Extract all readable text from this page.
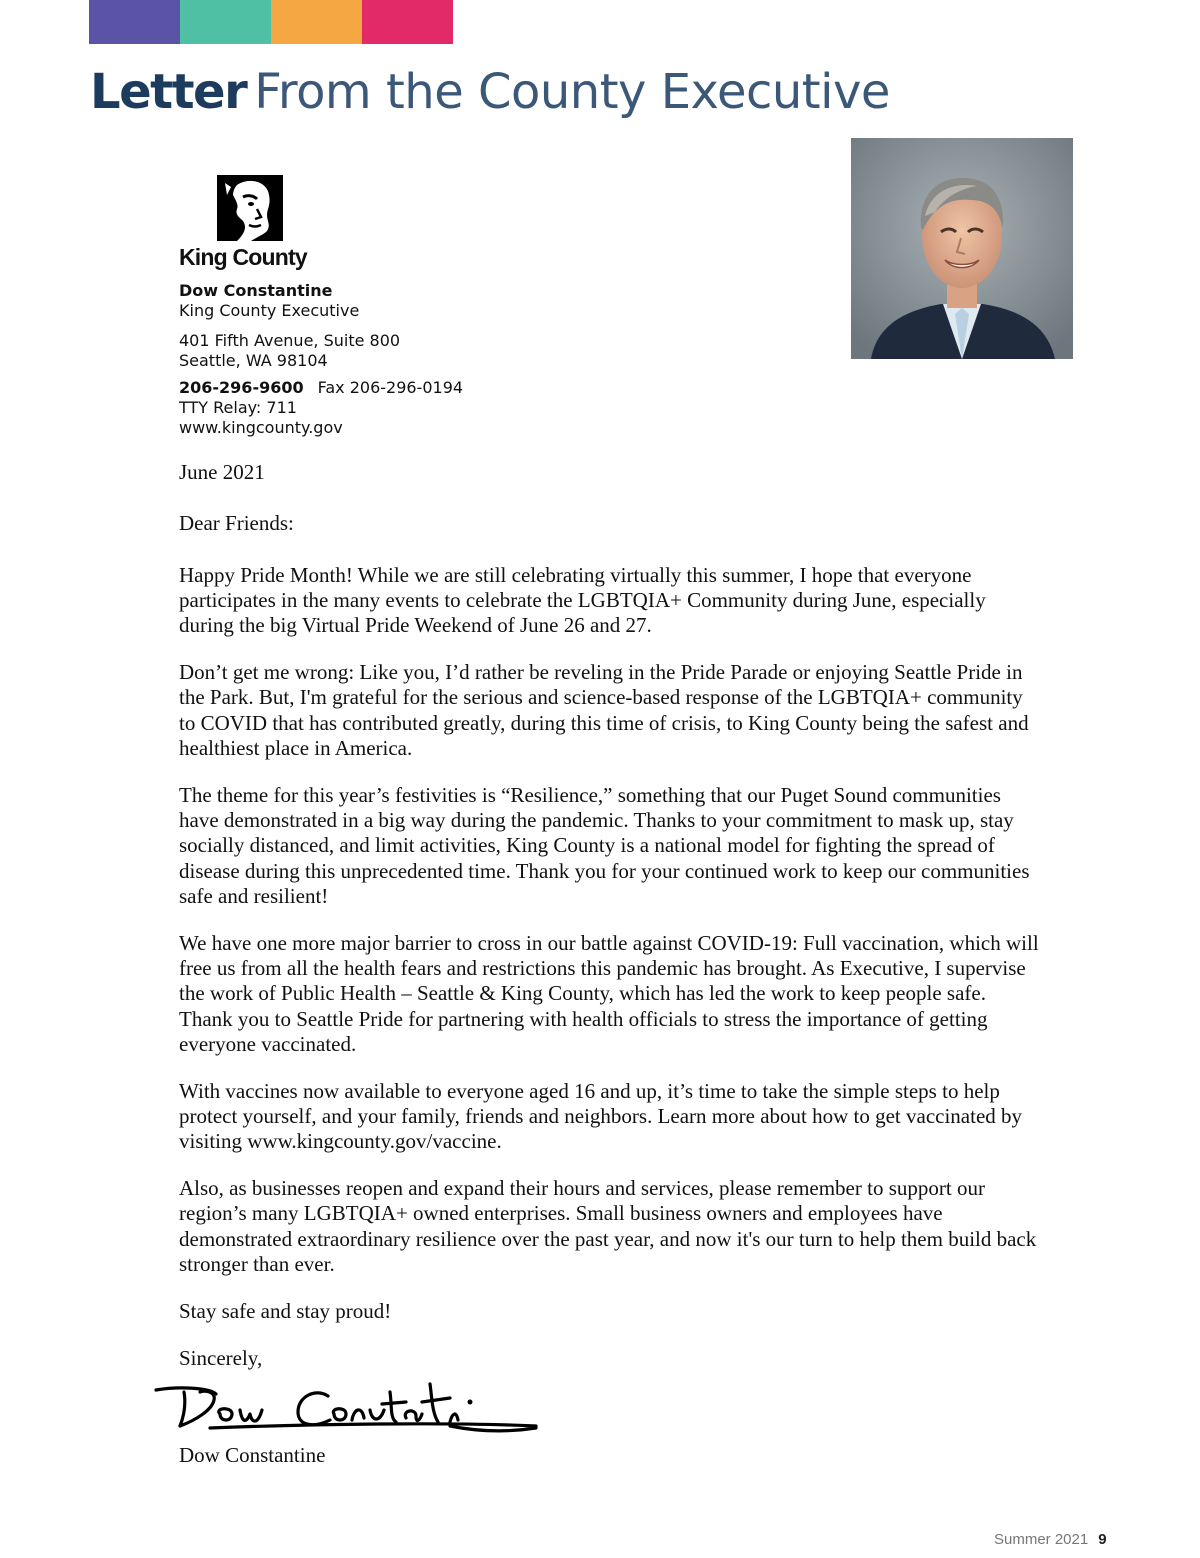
Letter From the County Executive
King County
Dow Constantine
King County Executive
401 Fifth Avenue, Suite 800
Seattle, WA 98104
206-296-9600 Fax 206-296-0194
TTY Relay: 711
www.kingcounty.gov

June 2021

Dear Friends:

Happy Pride Month! While we are still celebrating virtually this summer, I hope that everyone participates in the many events to celebrate the LGBTQIA+ Community during June, especially during the big Virtual Pride Weekend of June 26 and 27.

Don’t get me wrong: Like you, I’d rather be reveling in the Pride Parade or enjoying Seattle Pride in the Park. But, I'm grateful for the serious and science-based response of the LGBTQIA+ community to COVID that has contributed greatly, during this time of crisis, to King County being the safest and healthiest place in America.

The theme for this year’s festivities is “Resilience,” something that our Puget Sound communities have demonstrated in a big way during the pandemic. Thanks to your commitment to mask up, stay socially distanced, and limit activities, King County is a national model for fighting the spread of disease during this unprecedented time. Thank you for your continued work to keep our communities safe and resilient!

We have one more major barrier to cross in our battle against COVID-19: Full vaccination, which will free us from all the health fears and restrictions this pandemic has brought. As Executive, I supervise the work of Public Health – Seattle & King County, which has led the work to keep people safe. Thank you to Seattle Pride for partnering with health officials to stress the importance of getting everyone vaccinated.

With vaccines now available to everyone aged 16 and up, it’s time to take the simple steps to help protect yourself, and your family, friends and neighbors. Learn more about how to get vaccinated by visiting www.kingcounty.gov/vaccine.

Also, as businesses reopen and expand their hours and services, please remember to support our region’s many LGBTQIA+ owned enterprises. Small business owners and employees have demonstrated extraordinary resilience over the past year, and now it's our turn to help them build back stronger than ever.

Stay safe and stay proud!

Sincerely,

Dow Constantine
Summer 2021 9
